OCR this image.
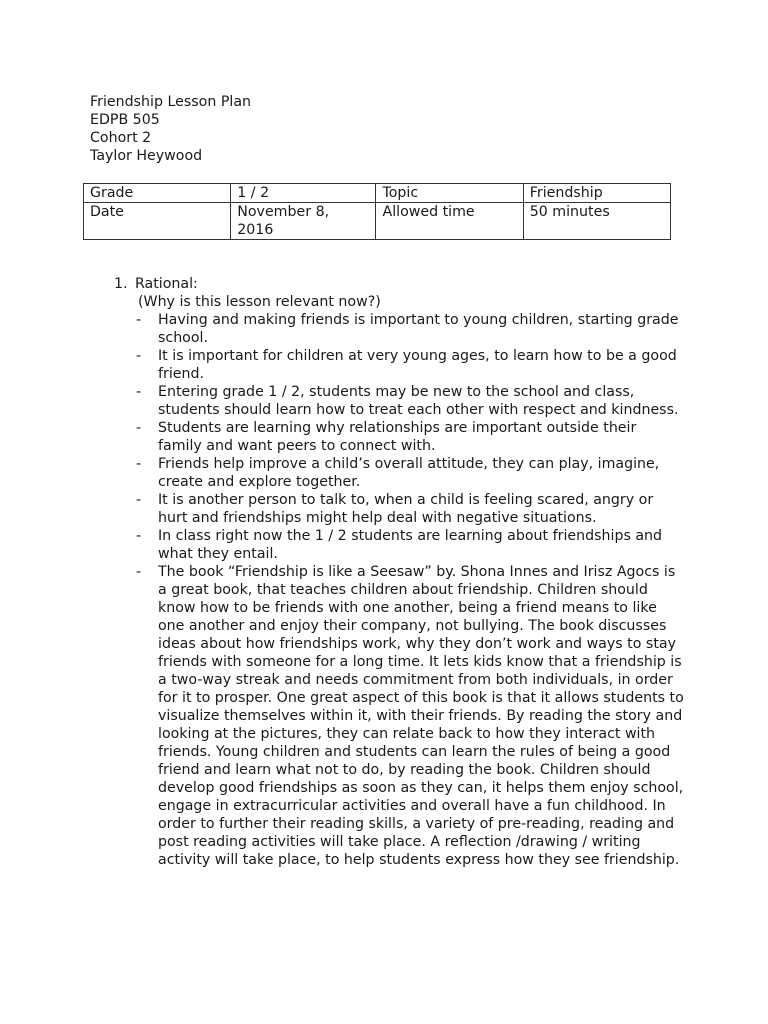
Friendship Lesson Plan
EDPB 505
Cohort 2
Taylor Heywood
Grade	1 / 2	Topic	Friendship
Date	November 8, 2016	Allowed time	50 minutes
1. Rational:
(Why is this lesson relevant now?)
- Having and making friends is important to young children, starting grade school.
- It is important for children at very young ages, to learn how to be a good friend.
- Entering grade 1 / 2, students may be new to the school and class, students should learn how to treat each other with respect and kindness.
- Students are learning why relationships are important outside their family and want peers to connect with.
- Friends help improve a child’s overall attitude, they can play, imagine, create and explore together.
- It is another person to talk to, when a child is feeling scared, angry or hurt and friendships might help deal with negative situations.
- In class right now the 1 / 2 students are learning about friendships and what they entail.
- The book “Friendship is like a Seesaw” by. Shona Innes and Irisz Agocs is a great book, that teaches children about friendship. Children should know how to be friends with one another, being a friend means to like one another and enjoy their company, not bullying. The book discusses ideas about how friendships work, why they don’t work and ways to stay friends with someone for a long time. It lets kids know that a friendship is a two-way streak and needs commitment from both individuals, in order for it to prosper. One great aspect of this book is that it allows students to visualize themselves within it, with their friends. By reading the story and looking at the pictures, they can relate back to how they interact with friends. Young children and students can learn the rules of being a good friend and learn what not to do, by reading the book. Children should develop good friendships as soon as they can, it helps them enjoy school, engage in extracurricular activities and overall have a fun childhood. In order to further their reading skills, a variety of pre-reading, reading and post reading activities will take place. A reflection /drawing / writing activity will take place, to help students express how they see friendship.
